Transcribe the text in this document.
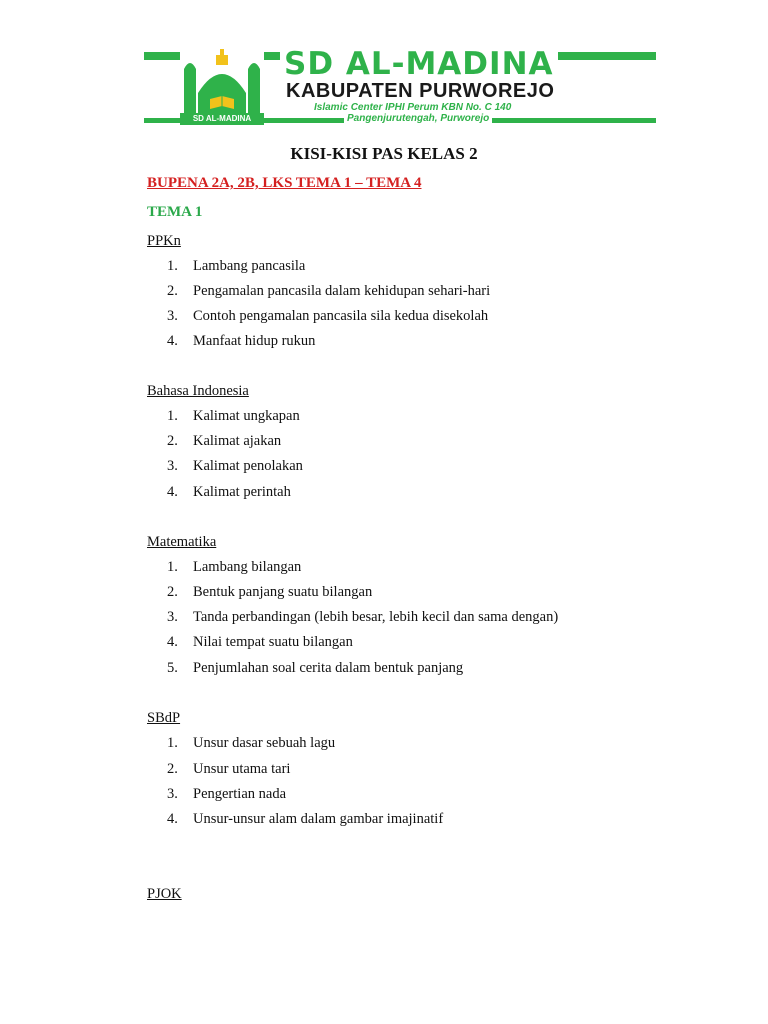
SD AL-MADINA
SD AL-MADINA
KABUPATEN PURWOREJO
Islamic Center IPHI Perum KBN No. C 140
Pangenjurutengah, Purworejo
KISI-KISI PAS KELAS 2
BUPENA 2A, 2B, LKS TEMA 1 – TEMA 4
TEMA 1
PPKn
1. Lambang pancasila
2. Pengamalan pancasila dalam kehidupan sehari-hari
3. Contoh pengamalan pancasila sila kedua disekolah
4. Manfaat hidup rukun
Bahasa Indonesia
1. Kalimat ungkapan
2. Kalimat ajakan
3. Kalimat penolakan
4. Kalimat perintah
Matematika
1. Lambang bilangan
2. Bentuk panjang suatu bilangan
3. Tanda perbandingan (lebih besar, lebih kecil dan sama dengan)
4. Nilai tempat suatu bilangan
5. Penjumlahan soal cerita dalam bentuk panjang
SBdP
1. Unsur dasar sebuah lagu
2. Unsur utama tari
3. Pengertian nada
4. Unsur-unsur alam dalam gambar imajinatif
PJOK
